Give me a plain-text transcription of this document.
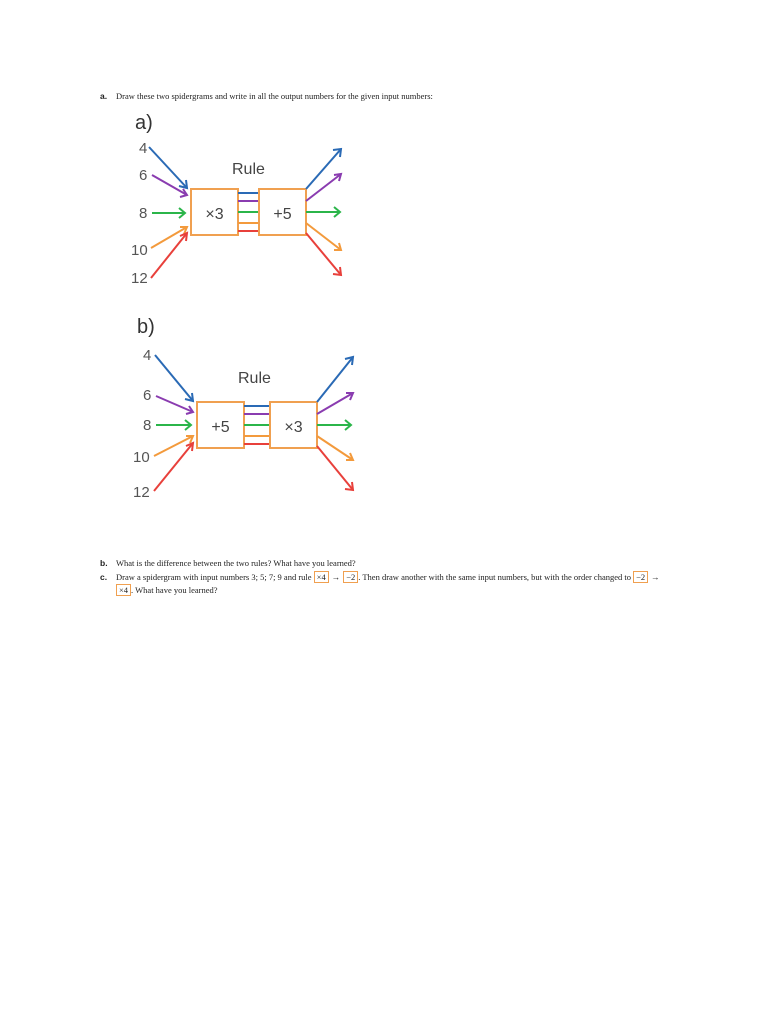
a. Draw these two spidergrams and write in all the output numbers for the given input numbers:
a)
Rule
4
6
8
10
12
×3	+5
b)
Rule
4
6
8
10
12
+5	×3
b. What is the difference between the two rules? What have you learned?
c. Draw a spidergram with input numbers 3; 5; 7; 9 and rule ×4 → −2 . Then draw another with the same input numbers, but with the order changed to −2 →
×4 . What have you learned?
